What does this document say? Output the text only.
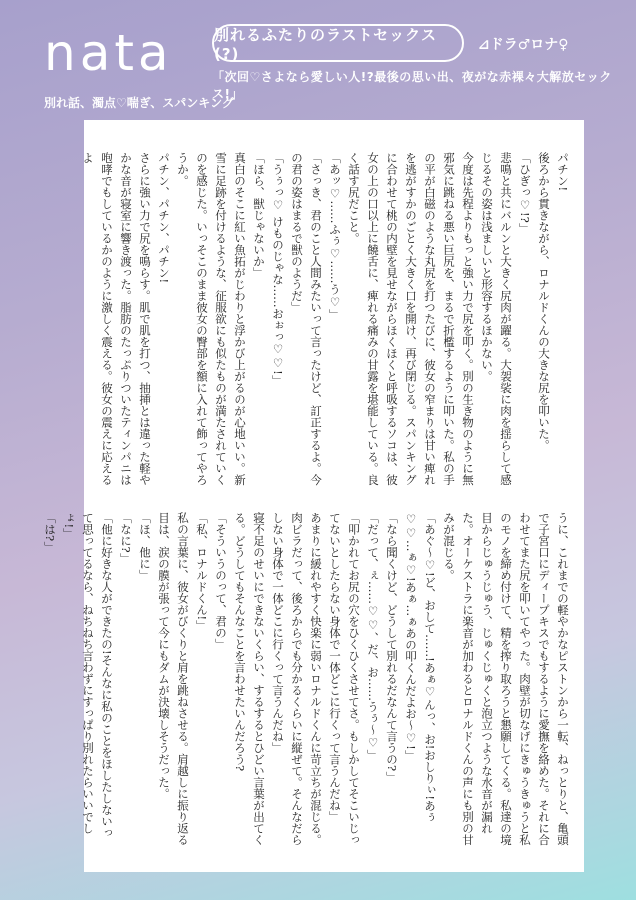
nata	別れるふたりのラストセックス(?)	⊿ドラ♂ロナ♀
「次回♡さよなら愛しい人!?最後の思い出、夜がな赤裸々大解放セックス!」
別れ話、濁点♡喘ぎ、スパンキング

パチン!

後ろから貫きながら、ロナルドくんの大きな尻を叩いた。

「ひぎっ♡!?」

悲鳴と共にバルンと大きく尻肉が躍る。大袈裟に肉を揺らして感じるその姿は浅ましいと形容するほかない。

今度は先程よりもっと強い力で尻を叩く。別の生き物のように無邪気に跳ねる悪い巨尻を、まるで折檻するように叩いた。私の手の平が白磁のような丸尻を打つたびに、彼女の窄まりは甘い痺れを逃がすかのごとく大きく口を開け、再び閉じる。スパンキングに合わせて桃の内壁を見せながらほくほくと呼吸するソコは、彼女の上の口以上に饒舌に、痺れる痛みの甘露を堪能している。良く話す尻だこと。

「あッ♡……ふぅ♡……う♡」

「さっき、君のこと人間みたいって言ったけど、訂正するよ。今の君の姿はまるで獣のようだ」

「うぅっ♡ けものじゃな……おぉっ♡♡!」

「ほら、獣じゃないか」

真白のそこに紅い魚拓がじわりと浮かび上がるのが心地いい。新雪に足跡を付けるような、征服欲にも似たものが満たされていくのを感じた。いっそこのまま彼女の臀部を額に入れて飾ってやろうか。

パチン、パチン、パチン!

さらに強い力で尻を鳴らす。肌で肌を打つ、抽挿とは違った軽やかな音が寝室に響き渡った。脂肪のたっぷりついたティンパニは咆哮でもしているかのように激しく震える。彼女の震えに応えるよ

うに、これまでの軽やかなピストンから一転、ねっとりと、亀頭で子宮口にディープキスでもするように愛撫を絡めた。それに合わせてまた尻を叩いてやった。肉壁が切なげにきゅうきゅうと私のモノを締め付けて、精を搾り取ろうと懇願してくる。私達の境目からじゅうじゅう、じゅくじゅくと泡立つような水音が漏れた。オーケストラに楽音が加わるとロナルドくんの声にも別の甘みが混じる。

「あぐ～♡!ど、おして……!あぁ♡んっ、お!おしりぃ!あぅ♡♡…ぁ♡!あぁ…ぁあの叩くんだよお～♡!」

「なら聞くけど、どうして別れるだなんて言うの?」

「だって、ぇ……♡♡、だ、お……うぅ～♡」

「叩かれてお尻の穴をひくひくさせてさ。もしかしてそこいじってないとしたらない身体で一体どこに行くって言うんだね」

あまりに緩れやすく快楽に弱いロナルドくんに苛立ちが混じる。肉ビラだって、後ろからでも分かるくらいに縦ぜて。そんなだらしない身体で一体どこに行くって言うんだね」

寝不足のせいにできないくらい、するするとひどい言葉が出てくる。どうしてもそんなことを言わせたいんだろう?

「そういうのって、君の」

「私、ロナルドくん!」

私の言葉に、彼女がびくりと肩を跳ねさせる。肩越しに振り返る目は、涙の膜が張って今にもダムが決壊しそうだった。

「ほ、他に」

「なに?」

「他に好きな人ができたの!そんなに私のことをほしたしないって思ってるなら、ねちねち言わずにすっぱり別れたらいいでしょ!」

「は?」
